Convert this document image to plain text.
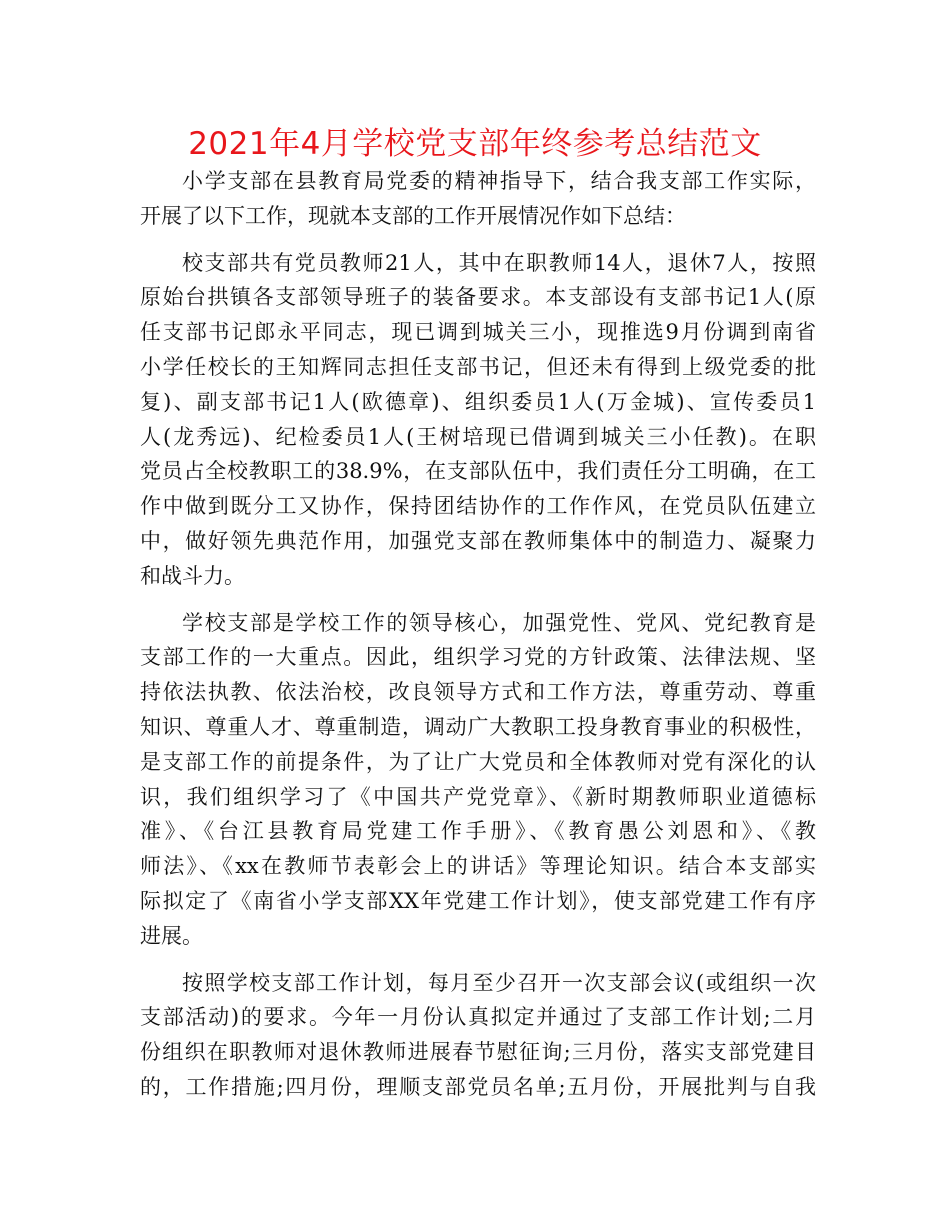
2021年4月学校党支部年终参考总结范文
小学支部在县教育局党委的精神指导下，结合我支部工作实际，
开展了以下工作，现就本支部的工作开展情况作如下总结：
校支部共有党员教师21人，其中在职教师14人，退休7人，按照
原始台拱镇各支部领导班子的装备要求。本支部设有支部书记1人(原
任支部书记郎永平同志，现已调到城关三小，现推选9月份调到南省
小学任校长的王知辉同志担任支部书记，但还未有得到上级党委的批
复)、副支部书记1人(欧德章)、组织委员1人(万金城)、宣传委员1
人(龙秀远)、纪检委员1人(王树培现已借调到城关三小任教)。在职
党员占全校教职工的38.9%，在支部队伍中，我们责任分工明确，在工
作中做到既分工又协作，保持团结协作的工作作风，在党员队伍建立
中，做好领先典范作用，加强党支部在教师集体中的制造力、凝聚力
和战斗力。
学校支部是学校工作的领导核心，加强党性、党风、党纪教育是
支部工作的一大重点。因此，组织学习党的方针政策、法律法规、坚
持依法执教、依法治校，改良领导方式和工作方法，尊重劳动、尊重
知识、尊重人才、尊重制造，调动广大教职工投身教育事业的积极性，
是支部工作的前提条件，为了让广大党员和全体教师对党有深化的认
识，我们组织学习了《中国共产党党章》、《新时期教师职业道德标
准》、《台江县教育局党建工作手册》、《教育愚公刘恩和》、《教
师法》、《xx在教师节表彰会上的讲话》等理论知识。结合本支部实
际拟定了《南省小学支部XX年党建工作计划》，使支部党建工作有序
进展。
按照学校支部工作计划，每月至少召开一次支部会议(或组织一次
支部活动)的要求。今年一月份认真拟定并通过了支部工作计划;二月
份组织在职教师对退休教师进展春节慰征询;三月份，落实支部党建目
的，工作措施;四月份，理顺支部党员名单;五月份，开展批判与自我
